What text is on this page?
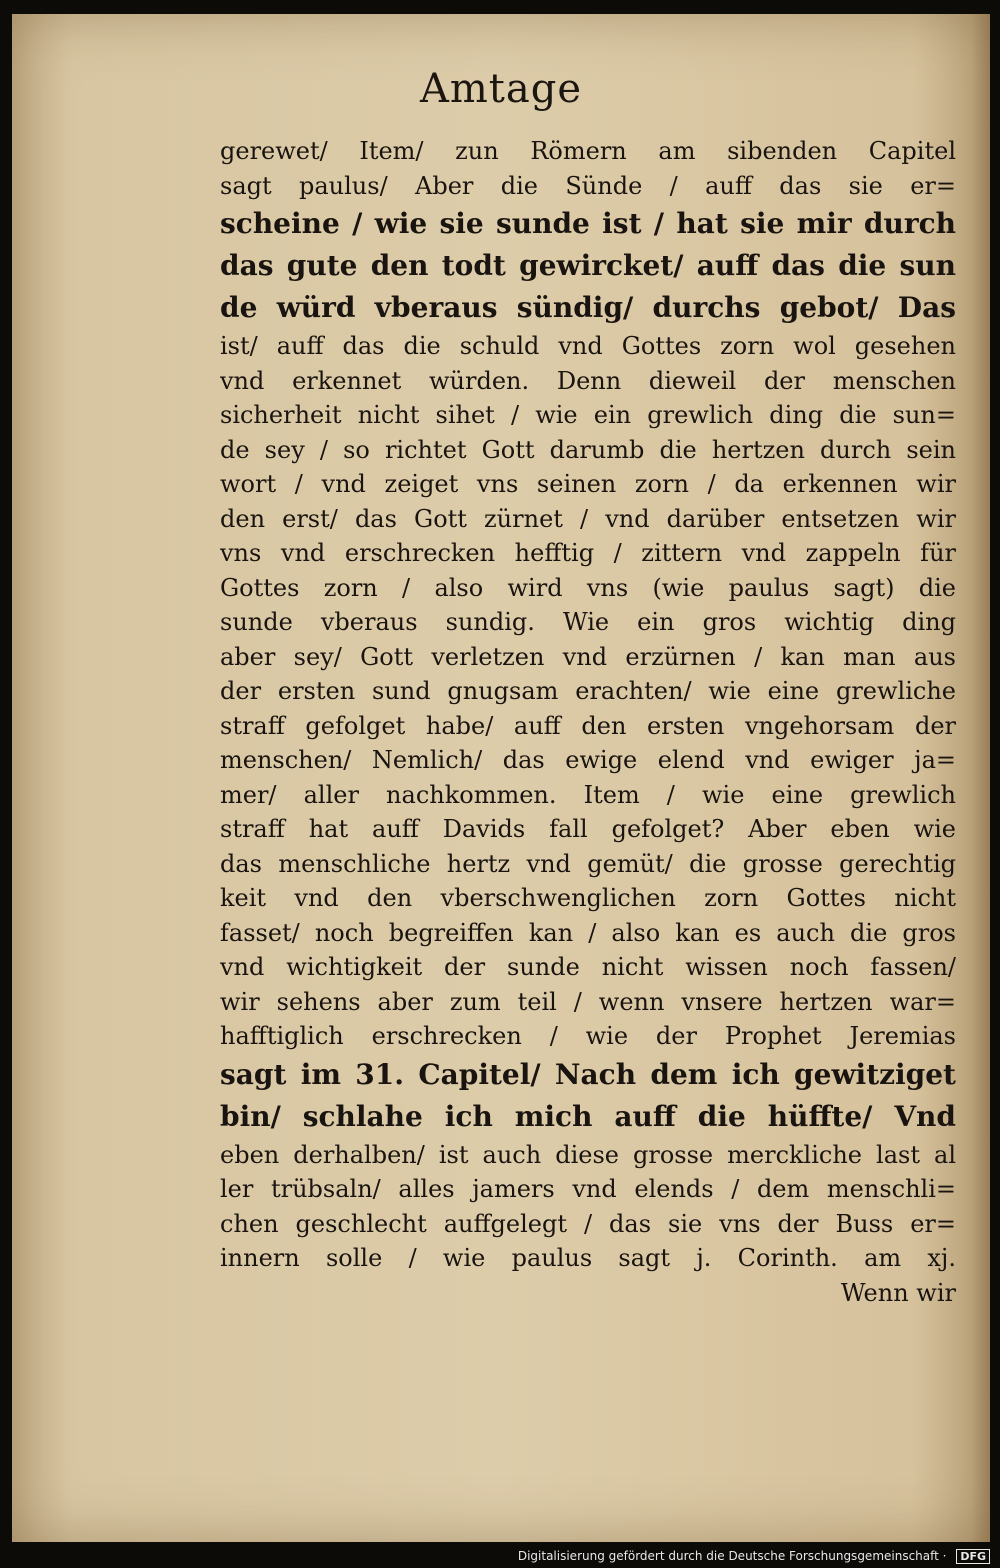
Amtage
gerewet/ Item/ zun Römern am sibenden Capitel
sagt paulus/ Aber die Sünde / auff das sie er=
scheine / wie sie sunde ist / hat sie mir durch
das gute den todt gewircket/ auff das die sun
de würd vberaus sündig/ durchs gebot/ Das
ist/ auff das die schuld vnd Gottes zorn wol gesehen
vnd erkennet würden. Denn dieweil der menschen
sicherheit nicht sihet / wie ein grewlich ding die sun=
de sey / so richtet Gott darumb die hertzen durch sein
wort / vnd zeiget vns seinen zorn / da erkennen wir
den erst/ das Gott zürnet / vnd darüber entsetzen wir
vns vnd erschrecken hefftig / zittern vnd zappeln für
Gottes zorn / also wird vns (wie paulus sagt) die
sunde vberaus sundig. Wie ein gros wichtig ding
aber sey/ Gott verletzen vnd erzürnen / kan man aus
der ersten sund gnugsam erachten/ wie eine grewliche
straff gefolget habe/ auff den ersten vngehorsam der
menschen/ Nemlich/ das ewige elend vnd ewiger ja=
mer/ aller nachkommen. Item / wie eine grewlich
straff hat auff Davids fall gefolget? Aber eben wie
das menschliche hertz vnd gemüt/ die grosse gerechtig
keit vnd den vberschwenglichen zorn Gottes nicht
fasset/ noch begreiffen kan / also kan es auch die gros
vnd wichtigkeit der sunde nicht wissen noch fassen/
wir sehens aber zum teil / wenn vnsere hertzen war=
hafftiglich erschrecken / wie der Prophet Jeremias
sagt im 31. Capitel/ Nach dem ich gewitziget
bin/ schlahe ich mich auff die hüffte/ Vnd
eben derhalben/ ist auch diese grosse merckliche last al
ler trübsaln/ alles jamers vnd elends / dem menschli=
chen geschlecht auffgelegt / das sie vns der Buss er=
innern solle / wie paulus sagt j. Corinth. am xj.
Wenn wir
Digitalisierung gefördert durch die Deutsche Forschungsgemeinschaft · DFG
